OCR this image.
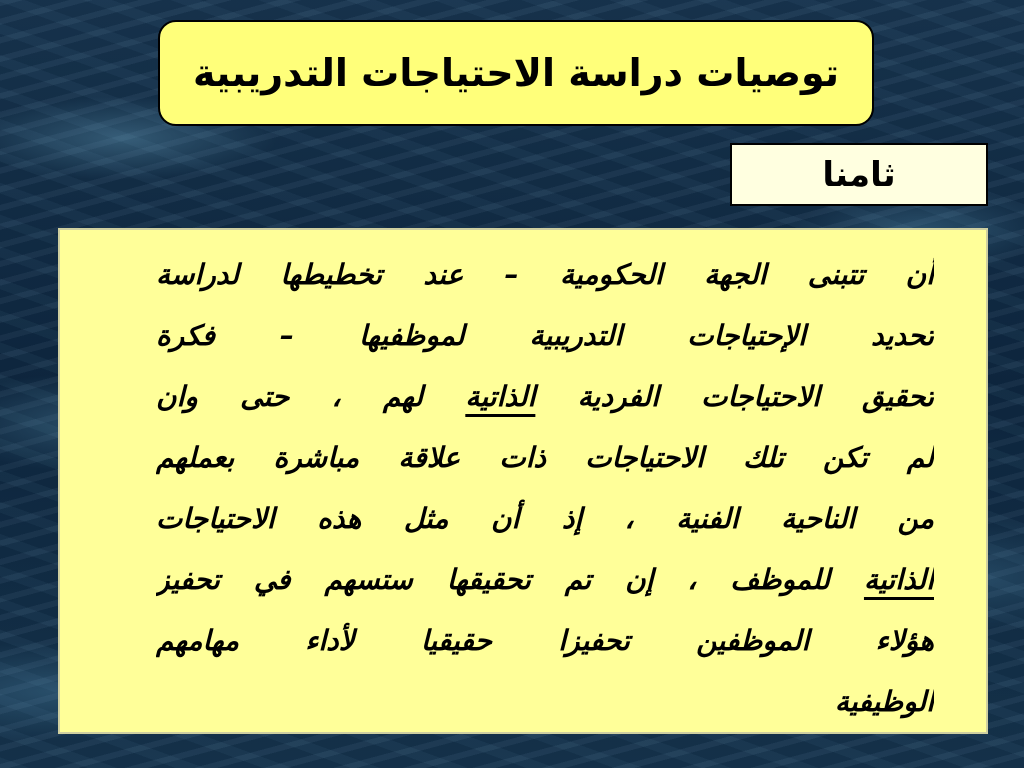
توصيات دراسة الاحتياجات التدريبية
ثامنا
أن تتبنى الجهة الحكومية – عند تخطيطها لدراسة
تحديد الإحتياجات التدريبية لموظفيها – فكرة
تحقيق الاحتياجات الفردية الذاتية لهم ، حتى وان
لم تكن تلك الاحتياجات ذات علاقة مباشرة بعملهم
من الناحية الفنية ، إذ أن مثل هذه الاحتياجات
الذاتية للموظف ، إن تم تحقيقها ستسهم في تحفيز
هؤلاء الموظفين تحفيزا حقيقيا لأداء مهامهم
الوظيفية
